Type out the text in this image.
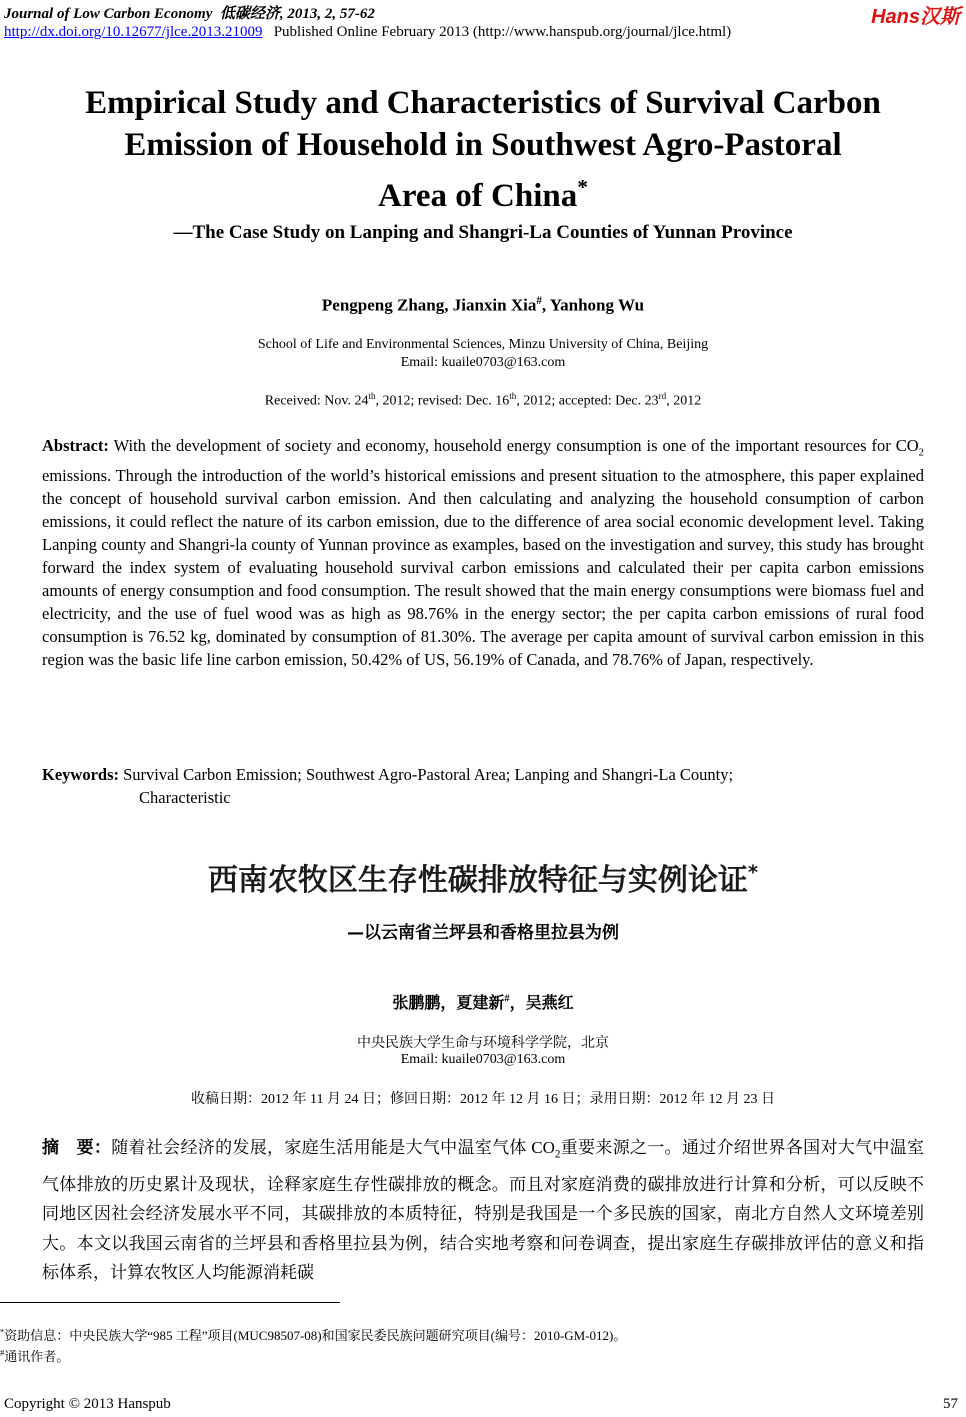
Journal of Low Carbon Economy 低碳经济, 2013, 2, 57-62
http://dx.doi.org/10.12677/jlce.2013.21009 Published Online February 2013 (http://www.hanspub.org/journal/jlce.html)
Hans汉斯
Empirical Study and Characteristics of Survival Carbon
Emission of Household in Southwest Agro-Pastoral
Area of China*
—The Case Study on Lanping and Shangri-La Counties of Yunnan Province
Pengpeng Zhang, Jianxin Xia#, Yanhong Wu
School of Life and Environmental Sciences, Minzu University of China, Beijing
Email: kuaile0703@163.com
Received: Nov. 24th, 2012; revised: Dec. 16th, 2012; accepted: Dec. 23rd, 2012
Abstract: With the development of society and economy, household energy consumption is one of the important resources for $CO_2$ emissions. Through the introduction of the world’s historical emissions and present situation to the atmosphere, this paper explained the concept of household survival carbon emission. And then calculating and analyzing the household consumption of carbon emissions, it could reflect the nature of its carbon emission, due to the difference of area social economic development level. Taking Lanping county and Shangri-la county of Yunnan province as examples, based on the investigation and survey, this study has brought forward the index system of evaluating household survival carbon emissions and calculated their per capita carbon emissions amounts of energy consumption and food consumption. The result showed that the main energy consumptions were biomass fuel and electricity, and the use of fuel wood was as high as 98.76% in the energy sector; the per capita carbon emissions of rural food consumption is 76.52 kg, dominated by consumption of 81.30%. The average per capita amount of survival carbon emission in this region was the basic life line carbon emission, 50.42% of US, 56.19% of Canada, and 78.76% of Japan, respectively.
Keywords: Survival Carbon Emission; Southwest Agro-Pastoral Area; Lanping and Shangri-La County;
Characteristic
西南农牧区生存性碳排放特征与实例论证*
—以云南省兰坪县和香格里拉县为例
张鹏鹏，夏建新#，吴燕红
中央民族大学生命与环境科学学院，北京
Email: kuaile0703@163.com
收稿日期：2012 年 11 月 24 日；修回日期：2012 年 12 月 16 日；录用日期：2012 年 12 月 23 日
摘　要：随着社会经济的发展，家庭生活用能是大气中温室气体 $CO_2$重要来源之一。通过介绍世界各国对大气中温室气体排放的历史累计及现状，诠释家庭生存性碳排放的概念。而且对家庭消费的碳排放进行计算和分析，可以反映不同地区因社会经济发展水平不同，其碳排放的本质特征，特别是我国是一个多民族的国家，南北方自然人文环境差别大。本文以我国云南省的兰坪县和香格里拉县为例，结合实地考察和问卷调查，提出家庭生存碳排放评估的意义和指标体系，计算农牧区人均能源消耗碳
*资助信息：中央民族大学“985 工程”项目(MUC98507-08)和国家民委民族问题研究项目(编号：2010-GM-012)。
#通讯作者。
Copyright © 2013 Hanspub	57
